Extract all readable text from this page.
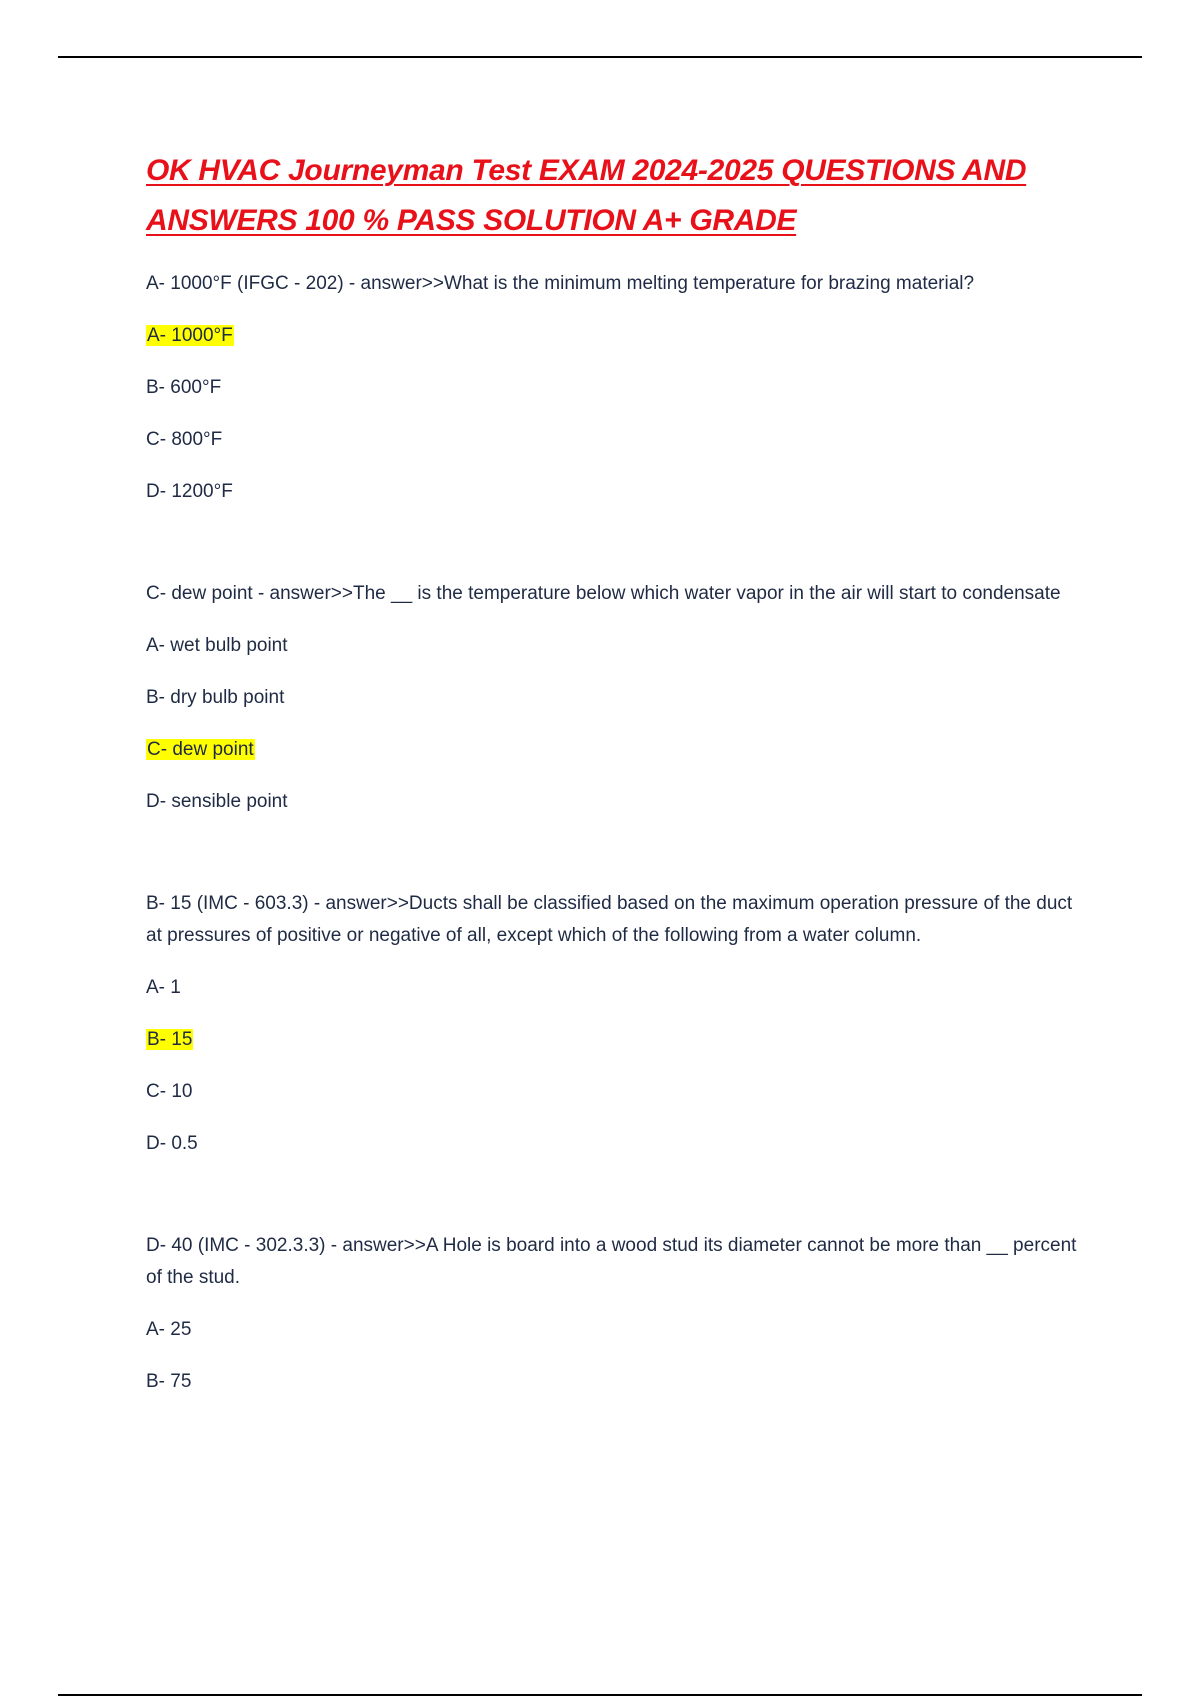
OK HVAC Journeyman Test EXAM 2024-2025 QUESTIONS AND ANSWERS 100 % PASS SOLUTION A+ GRADE

A- 1000°F (IFGC - 202) - answer>>What is the minimum melting temperature for brazing material?

A- 1000°F

B- 600°F

C- 800°F

D- 1200°F

C- dew point - answer>>The __ is the temperature below which water vapor in the air will start to condensate

A- wet bulb point

B- dry bulb point

C- dew point

D- sensible point

B- 15 (IMC - 603.3) - answer>>Ducts shall be classified based on the maximum operation pressure of the duct at pressures of positive or negative of all, except which of the following from a water column.

A- 1

B- 15

C- 10

D- 0.5

D- 40 (IMC - 302.3.3) - answer>>A Hole is board into a wood stud its diameter cannot be more than __ percent of the stud.

A- 25

B- 75
